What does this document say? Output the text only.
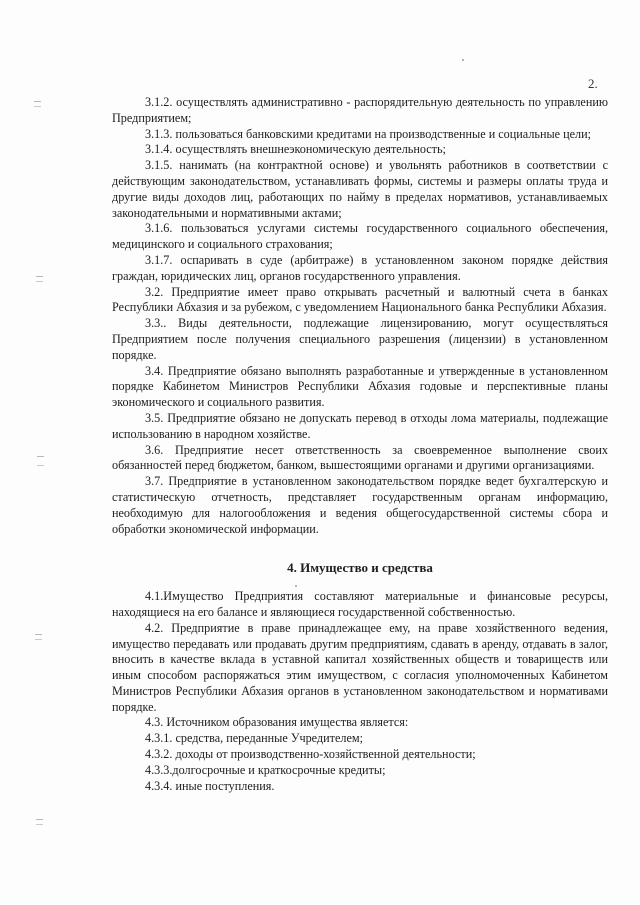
2.

3.1.2. осуществлять административно - распорядительную деятельность по управлению Предприятием;

3.1.3. пользоваться банковскими кредитами на производственные и социальные цели;

3.1.4. осуществлять внешнеэкономическую деятельность;

3.1.5. нанимать (на контрактной основе) и увольнять работников в соответствии с действующим законодательством, устанавливать формы, системы и размеры оплаты труда и другие виды доходов лиц, работающих по найму в пределах нормативов, устанавливаемых законодательными и нормативными актами;

3.1.6. пользоваться услугами системы государственного социального обеспечения, медицинского и социального страхования;

3.1.7. оспаривать в суде (арбитраже) в установленном законом порядке действия граждан, юридических лиц, органов государственного управления.

3.2. Предприятие имеет право открывать расчетный и валютный счета в банках Республики Абхазия и за рубежом, с уведомлением Национального банка Республики Абхазия.

3.3.. Виды деятельности, подлежащие лицензированию, могут осуществляться Предприятием после получения специального разрешения (лицензии) в установленном порядке.

3.4. Предприятие обязано выполнять разработанные и утвержденные в установленном порядке Кабинетом Министров Республики Абхазия годовые и перспективные планы экономического и социального развития.

3.5. Предприятие обязано не допускать перевод в отходы лома материалы, подлежащие использованию в народном хозяйстве.

3.6. Предприятие несет ответственность за своевременное выполнение своих обязанностей перед бюджетом, банком, вышестоящими органами и другими организациями.

3.7. Предприятие в установленном законодательством порядке ведет бухгалтерскую и статистическую отчетность, представляет государственным органам информацию, необходимую для налогообложения и ведения общегосударственной системы сбора и обработки экономической информации.

4. Имущество и средства

4.1.Имущество Предприятия составляют материальные и финансовые ресурсы, находящиеся на его балансе и являющиеся государственной собственностью.

4.2. Предприятие в праве принадлежащее ему, на праве хозяйственного ведения, имущество передавать или продавать другим предприятиям, сдавать в аренду, отдавать в залог, вносить в качестве вклада в уставной капитал хозяйственных обществ и товариществ или иным способом распоряжаться этим имуществом, с согласия уполномоченных Кабинетом Министров Республики Абхазия органов в установленном законодательством и нормативами порядке.

4.3. Источником образования имущества является:

4.3.1. средства, переданные Учредителем;

4.3.2. доходы от производственно-хозяйственной деятельности;

4.3.3.долгосрочные и краткосрочные кредиты;

4.3.4. иные поступления.
